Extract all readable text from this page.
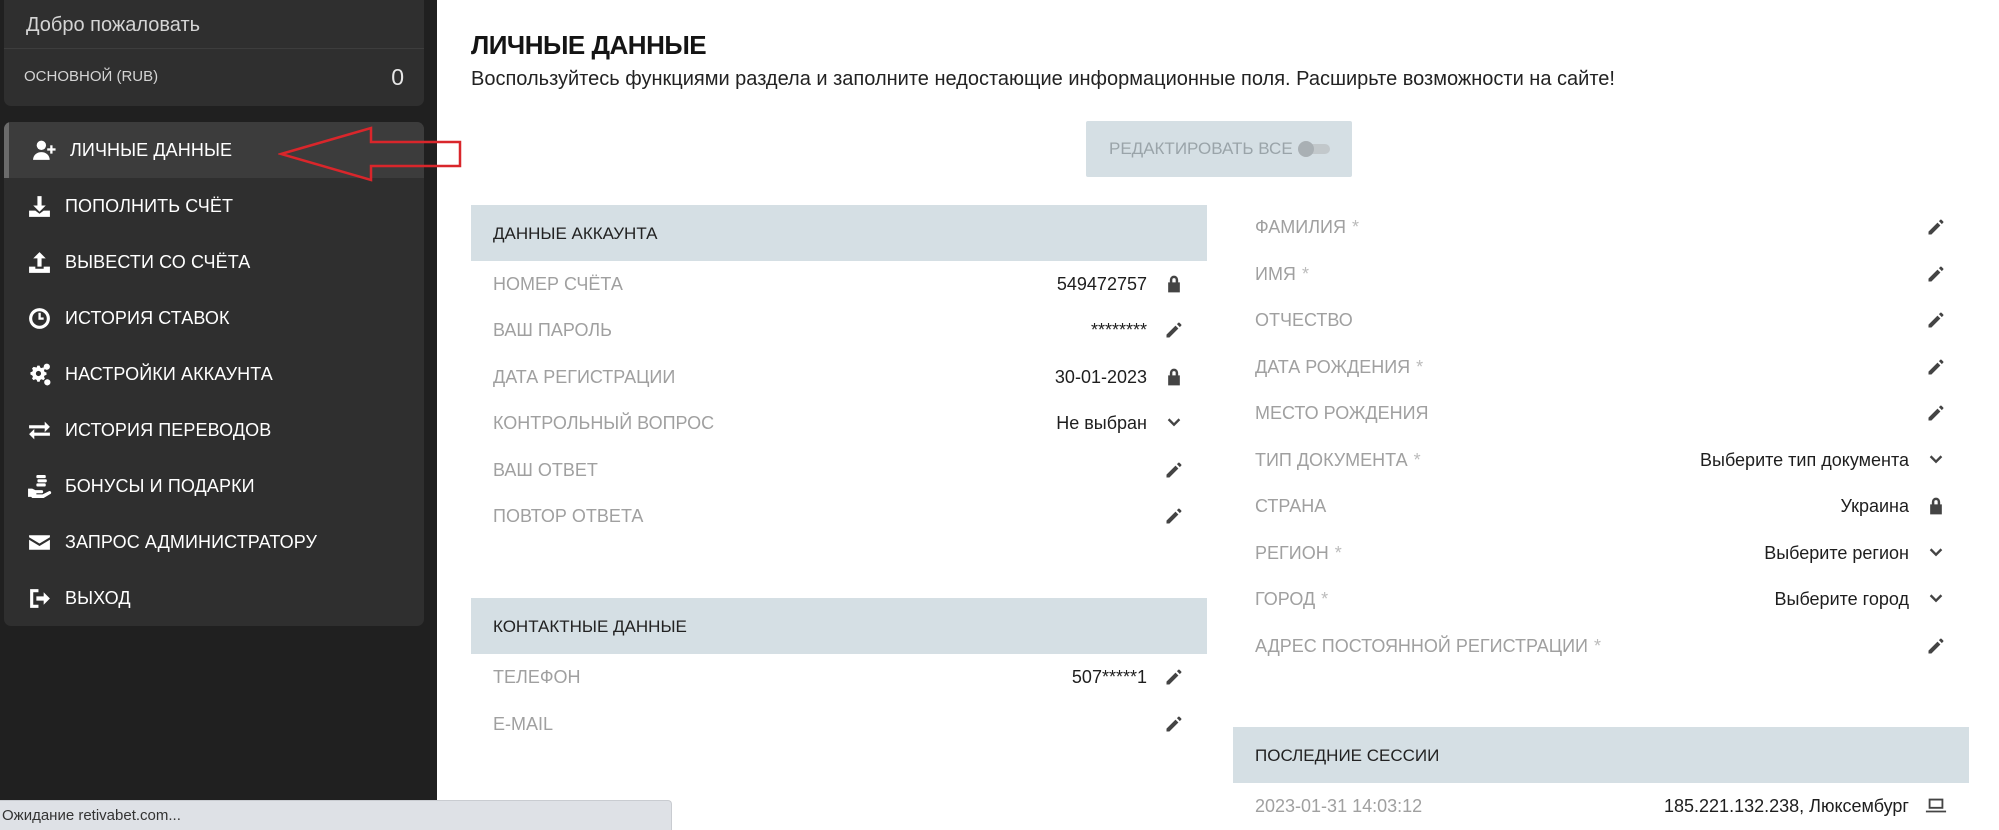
Добро пожаловать
ОСНОВНОЙ (RUB)	0
ЛИЧНЫЕ ДАННЫЕ
ПОПОЛНИТЬ СЧЁТ
ВЫВЕСТИ СО СЧЁТА
ИСТОРИЯ СТАВОК
НАСТРОЙКИ АККАУНТА
ИСТОРИЯ ПЕРЕВОДОВ
БОНУСЫ И ПОДАРКИ
ЗАПРОС АДМИНИСТРАТОРУ
ВЫХОД
ЛИЧНЫЕ ДАННЫЕ
Воспользуйтесь функциями раздела и заполните недостающие информационные поля. Расширьте возможности на сайте!
РЕДАКТИРОВАТЬ ВСЕ
ДАННЫЕ АККАУНТА
НОМЕР СЧЁТА	549472757
ВАШ ПАРОЛЬ	********
ДАТА РЕГИСТРАЦИИ	30-01-2023
КОНТРОЛЬНЫЙ ВОПРОС	Не выбран
ВАШ ОТВЕТ
ПОВТОР ОТВЕТА
КОНТАКТНЫЕ ДАННЫЕ
ТЕЛЕФОН	507*****1
E-MAIL
ФАМИЛИЯ *
ИМЯ *
ОТЧЕСТВО
ДАТА РОЖДЕНИЯ *
МЕСТО РОЖДЕНИЯ
ТИП ДОКУМЕНТА *	Выберите тип документа
СТРАНА	Украина
РЕГИОН *	Выберите регион
ГОРОД *	Выберите город
АДРЕС ПОСТОЯННОЙ РЕГИСТРАЦИИ *
ПОСЛЕДНИЕ СЕССИИ
2023-01-31 14:03:12	185.221.132.238, Люксембург
Ожидание retivabet.com...
